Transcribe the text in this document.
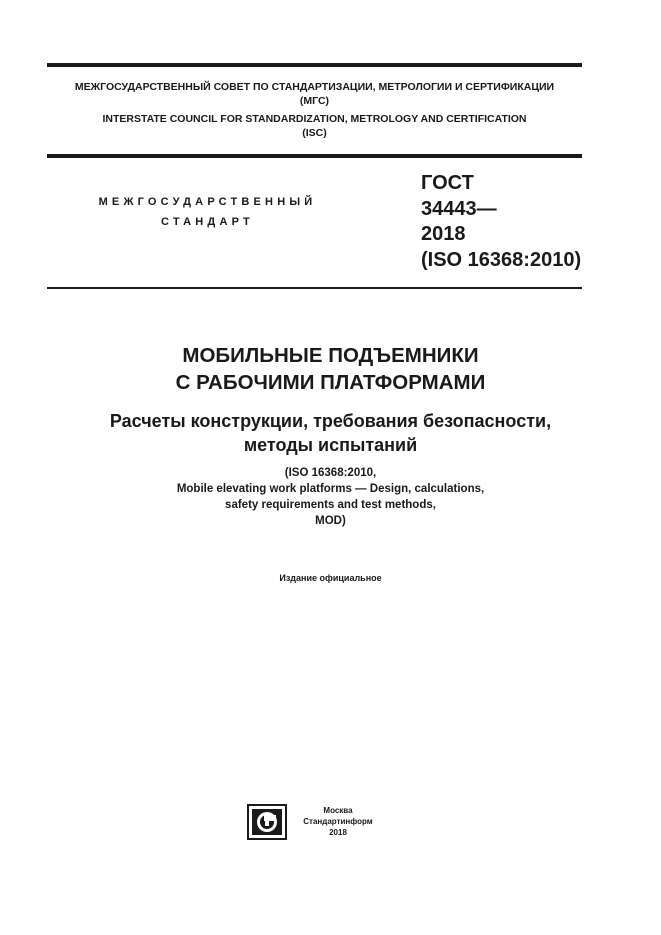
МЕЖГОСУДАРСТВЕННЫЙ СОВЕТ ПО СТАНДАРТИЗАЦИИ, МЕТРОЛОГИИ И СЕРТИФИКАЦИИ
(МГС)
INTERSTATE COUNCIL FOR STANDARDIZATION, METROLOGY AND CERTIFICATION
(ISC)
МЕЖГОСУДАРСТВЕННЫЙ
СТАНДАРТ
ГОСТ
34443—
2018
(ISO 16368:2010)
МОБИЛЬНЫЕ ПОДЪЕМНИКИ
С РАБОЧИМИ ПЛАТФОРМАМИ
Расчеты конструкции, требования безопасности,
методы испытаний
(ISO 16368:2010,
Mobile elevating work platforms — Design, calculations,
safety requirements and test methods,
MOD)
Издание официальное
Москва
Стандартинформ
2018
